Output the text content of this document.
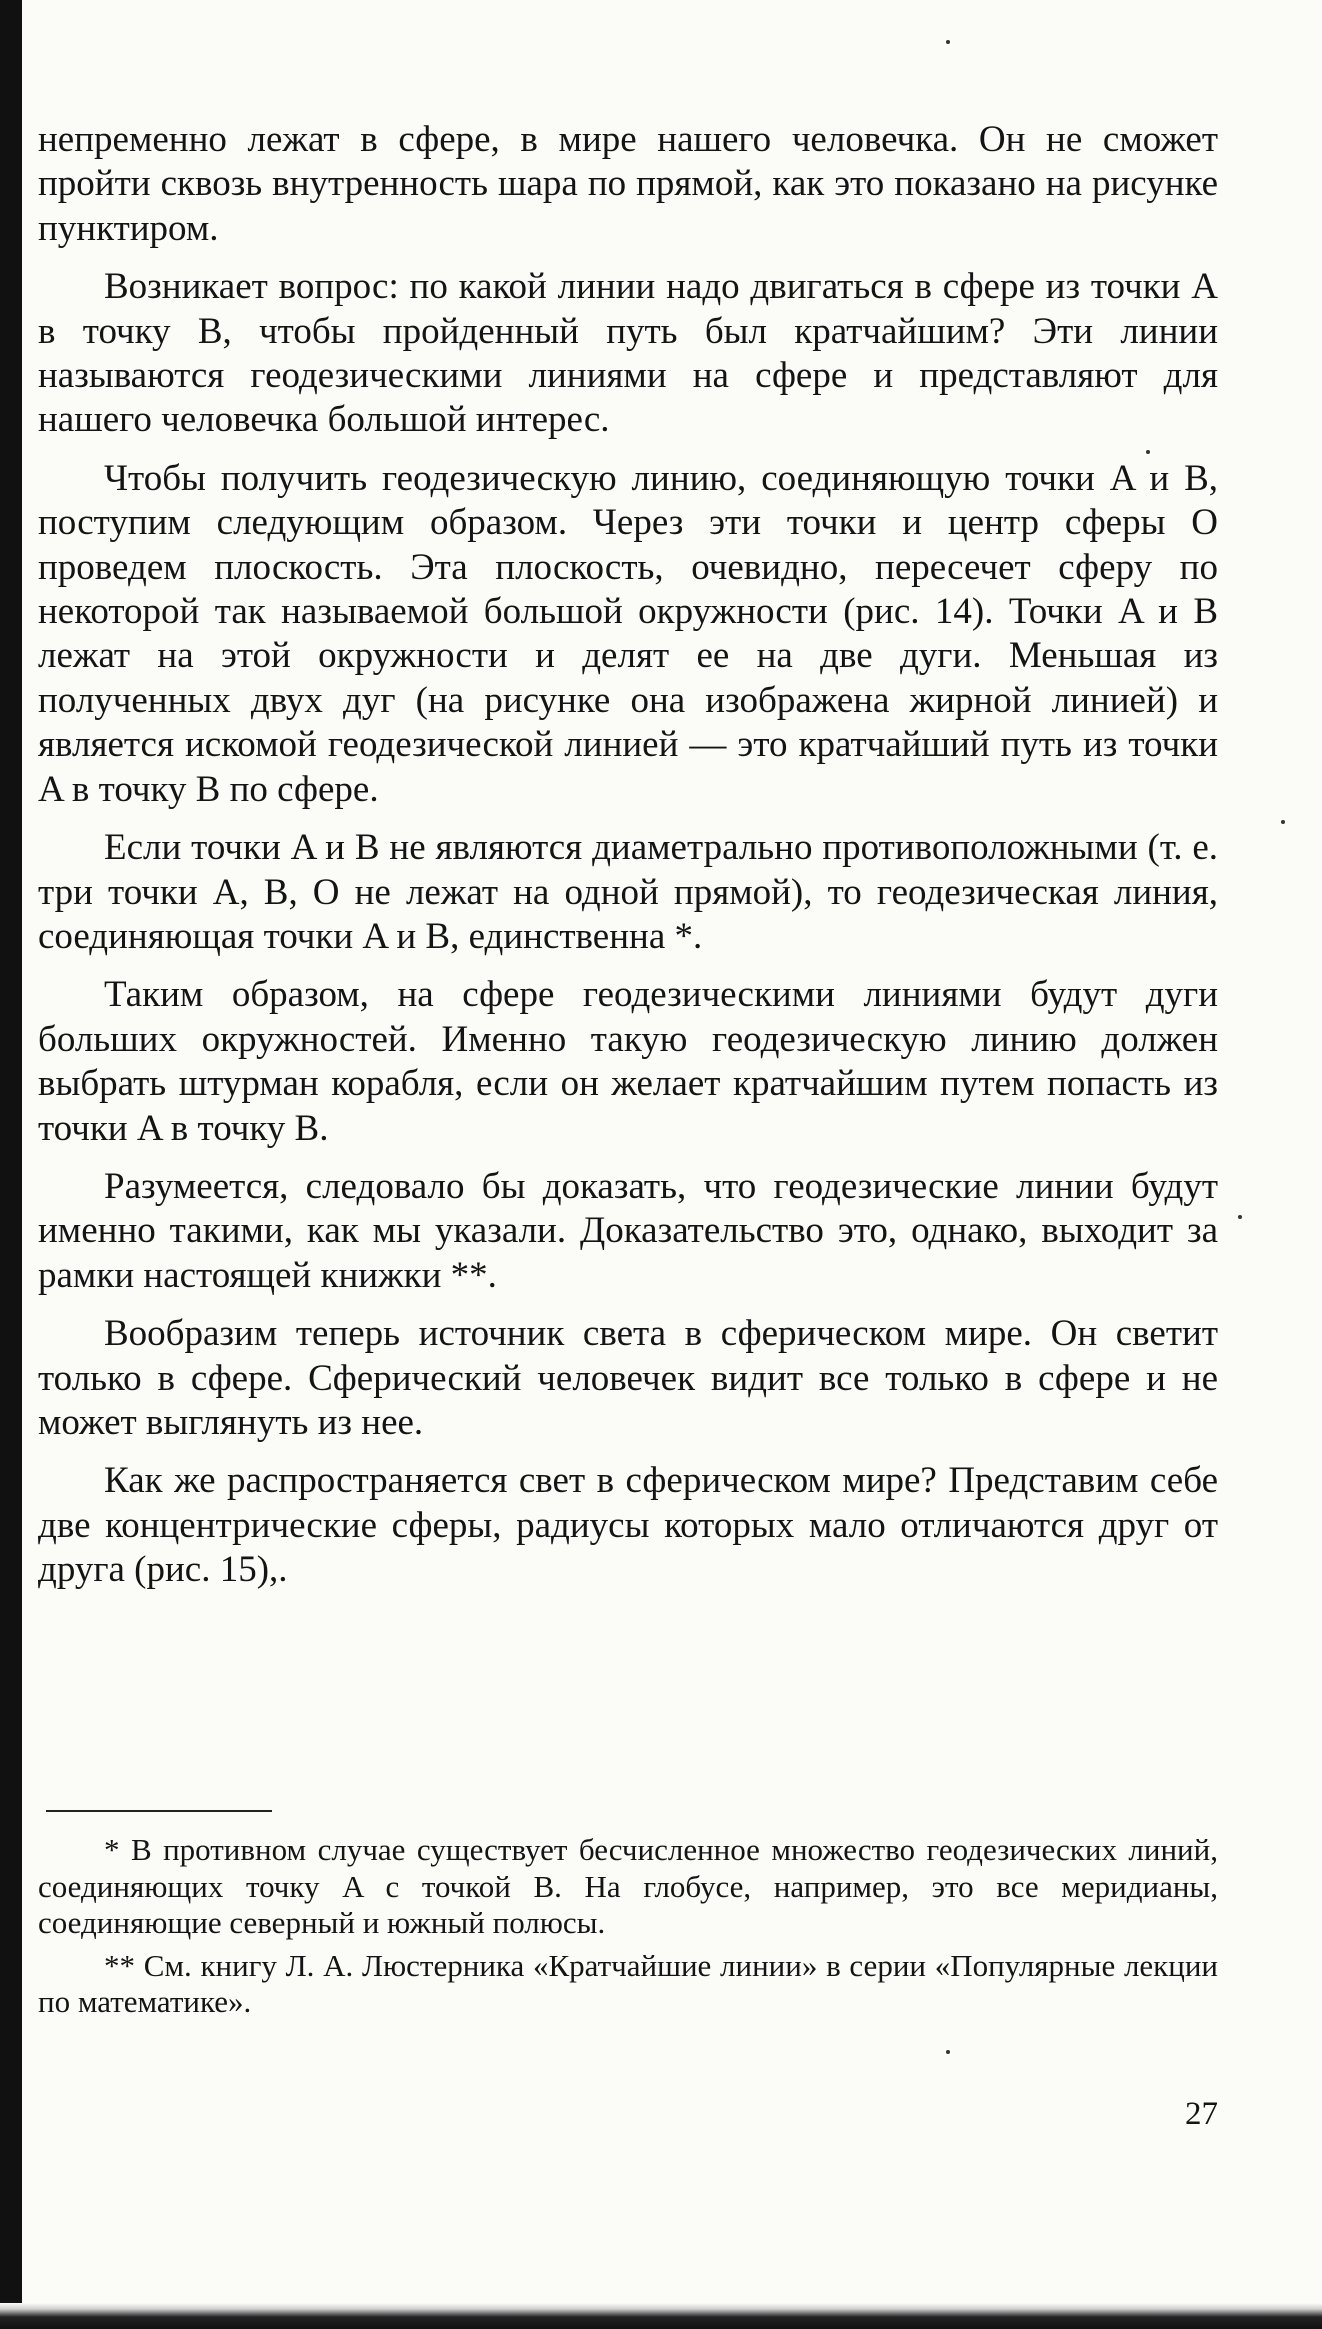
непременно лежат в сфере, в мире нашего человечка. Он не сможет пройти сквозь внутренность шара по прямой, как это показано на рисунке пунктиром.

Возникает вопрос: по какой линии надо двигаться в сфере из точки A в точку B, чтобы пройденный путь был кратчайшим? Эти линии называются геодезическими линиями на сфере и представляют для нашего человечка большой интерес.

Чтобы получить геодезическую линию, соединяющую точки A и B, поступим следующим образом. Через эти точки и центр сферы O проведем плоскость. Эта плоскость, очевидно, пересечет сферу по некоторой так называемой большой окружности (рис. 14). Точки A и B лежат на этой окружности и делят ее на две дуги. Меньшая из полученных двух дуг (на рисунке она изображена жирной линией) и является искомой геодезической линией — это кратчайший путь из точки A в точку B по сфере.

Если точки A и B не являются диаметрально противоположными (т. е. три точки A, B, O не лежат на одной прямой), то геодезическая линия, соединяющая точки A и B, единственна *.

Таким образом, на сфере геодезическими линиями будут дуги больших окружностей. Именно такую геодезическую линию должен выбрать штурман корабля, если он желает кратчайшим путем попасть из точки A в точку B.

Разумеется, следовало бы доказать, что геодезические линии будут именно такими, как мы указали. Доказательство это, однако, выходит за рамки настоящей книжки **.

Вообразим теперь источник света в сферическом мире. Он светит только в сфере. Сферический человечек видит все только в сфере и не может выглянуть из нее.

Как же распространяется свет в сферическом мире? Представим себе две концентрические сферы, радиусы которых мало отличаются друг от друга (рис. 15),.

* В противном случае существует бесчисленное множество геодезических линий, соединяющих точку A с точкой B. На глобусе, например, это все меридианы, соединяющие северный и южный полюсы.

** См. книгу Л. А. Люстерника «Кратчайшие линии» в серии «Популярные лекции по математике».

27
